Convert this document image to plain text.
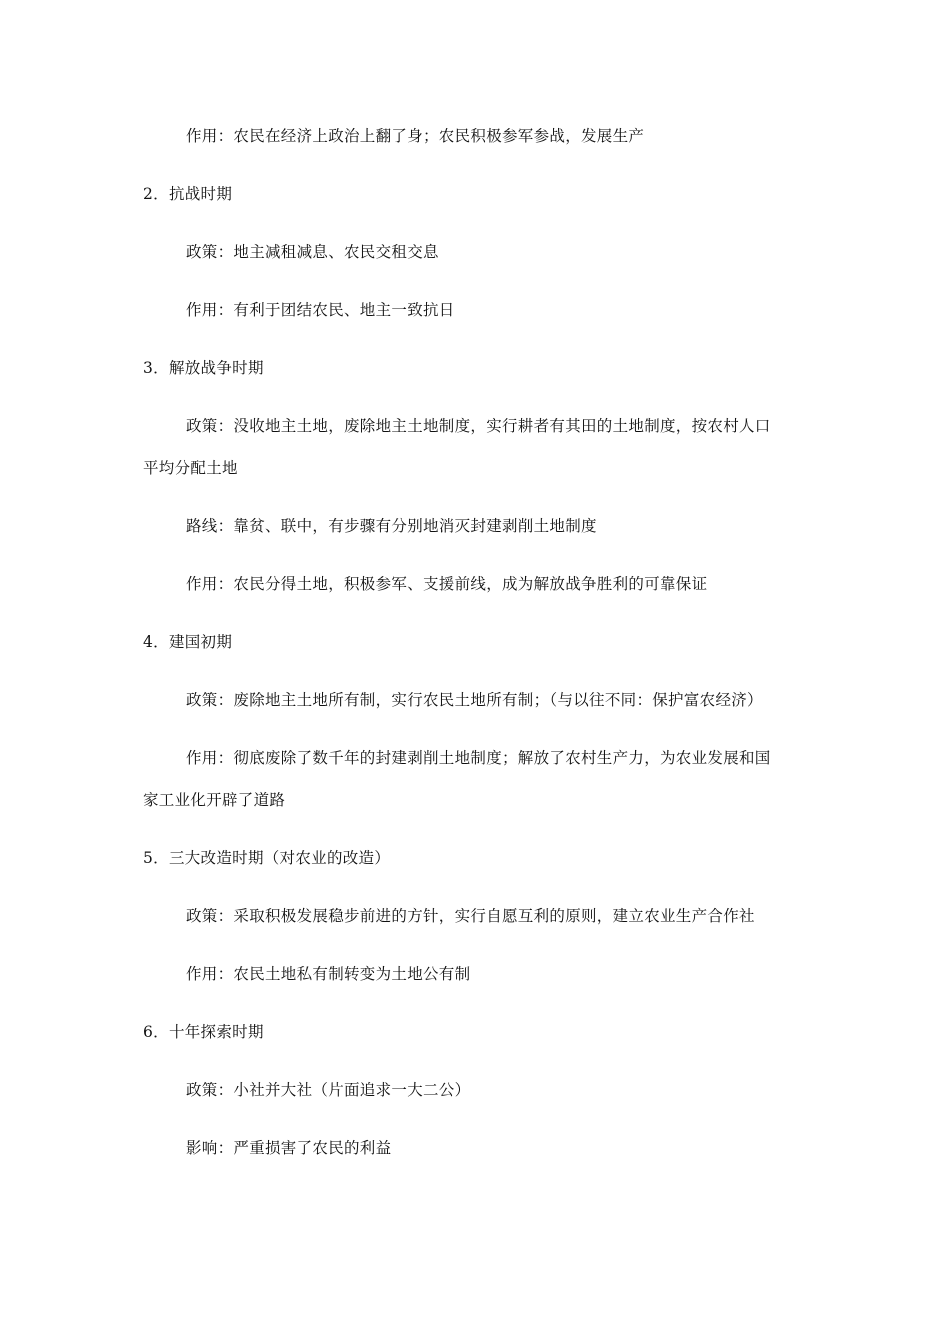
作用：农民在经济上政治上翻了身；农民积极参军参战，发展生产
2．抗战时期
政策：地主减租减息、农民交租交息
作用：有利于团结农民、地主一致抗日
3．解放战争时期
政策：没收地主土地，废除地主土地制度，实行耕者有其田的土地制度，按农村人口
平均分配土地
路线：靠贫、联中，有步骤有分别地消灭封建剥削土地制度
作用：农民分得土地，积极参军、支援前线，成为解放战争胜利的可靠保证
4．建国初期
政策：废除地主土地所有制，实行农民土地所有制；（与以往不同：保护富农经济）
作用：彻底废除了数千年的封建剥削土地制度；解放了农村生产力，为农业发展和国
家工业化开辟了道路
5．三大改造时期（对农业的改造）
政策：采取积极发展稳步前进的方针，实行自愿互利的原则，建立农业生产合作社
作用：农民土地私有制转变为土地公有制
6．十年探索时期
政策：小社并大社（片面追求一大二公）
影响：严重损害了农民的利益
